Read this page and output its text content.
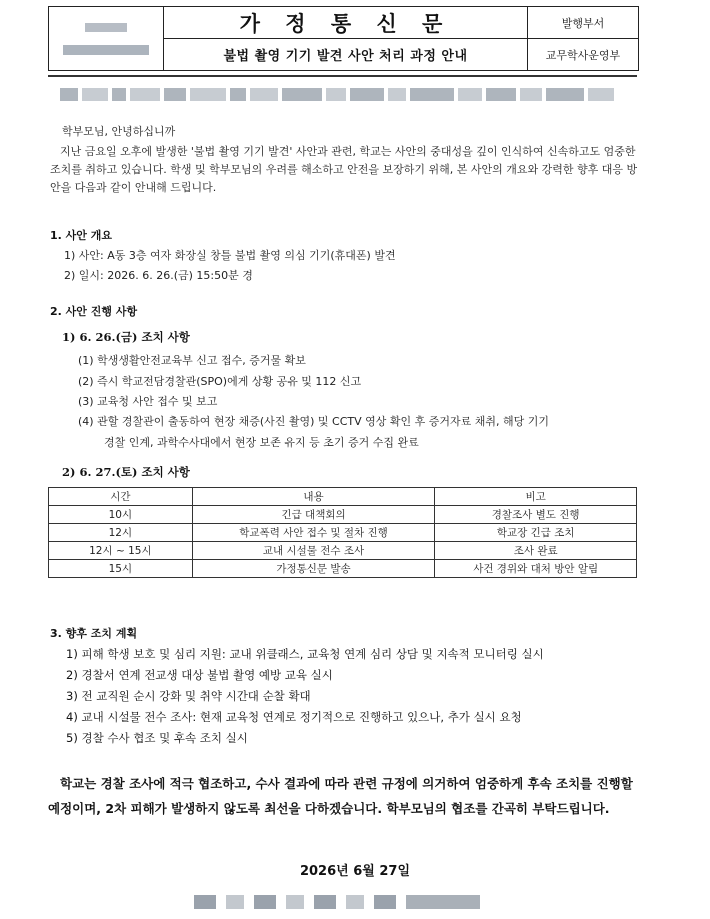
가 정 통 신 문	발행부서
불법 촬영 기기 발견 사안 처리 과정 안내	교무학사운영부
학부모님, 안녕하십니까
지난 금요일 오후에 발생한 '불법 촬영 기기 발견' 사안과 관련, 학교는 사안의 중대성을 깊이 인식하여 신속하고도 엄중한 조치를 취하고 있습니다. 학생 및 학부모님의 우려를 해소하고 안전을 보장하기 위해, 본 사안의 개요와 강력한 향후 대응 방안을 다음과 같이 안내해 드립니다.
1. 사안 개요
1) 사안: A동 3층 여자 화장실 창틀 불법 촬영 의심 기기(휴대폰) 발견
2) 일시: 2026. 6. 26.(금) 15:50분 경
2. 사안 진행 사항
1) 6. 26.(금) 조치 사항
(1) 학생생활안전교육부 신고 접수, 증거물 확보
(2) 즉시 학교전담경찰관(SPO)에게 상황 공유 및 112 신고
(3) 교육청 사안 접수 및 보고
(4) 관할 경찰관이 출동하여 현장 채증(사진 촬영) 및 CCTV 영상 확인 후 증거자료 채취, 해당 기기
경찰 인계, 과학수사대에서 현장 보존 유지 등 초기 증거 수집 완료
2) 6. 27.(토) 조치 사항
시간	내용	비고
10시	긴급 대책회의	경찰조사 별도 진행
12시	학교폭력 사안 접수 및 절차 진행	학교장 긴급 조치
12시 ~ 15시	교내 시설물 전수 조사	조사 완료
15시	가정통신문 발송	사건 경위와 대처 방안 알림
3. 향후 조치 계획
1) 피해 학생 보호 및 심리 지원: 교내 위클래스, 교육청 연계 심리 상담 및 지속적 모니터링 실시
2) 경찰서 연계 전교생 대상 불법 촬영 예방 교육 실시
3) 전 교직원 순시 강화 및 취약 시간대 순찰 확대
4) 교내 시설물 전수 조사: 현재 교육청 연계로 정기적으로 진행하고 있으나, 추가 실시 요청
5) 경찰 수사 협조 및 후속 조치 실시
학교는 경찰 조사에 적극 협조하고, 수사 결과에 따라 관련 규정에 의거하여 엄중하게 후속 조치를 진행할 예정이며, 2차 피해가 발생하지 않도록 최선을 다하겠습니다. 학부모님의 협조를 간곡히 부탁드립니다.
2026년 6월 27일
